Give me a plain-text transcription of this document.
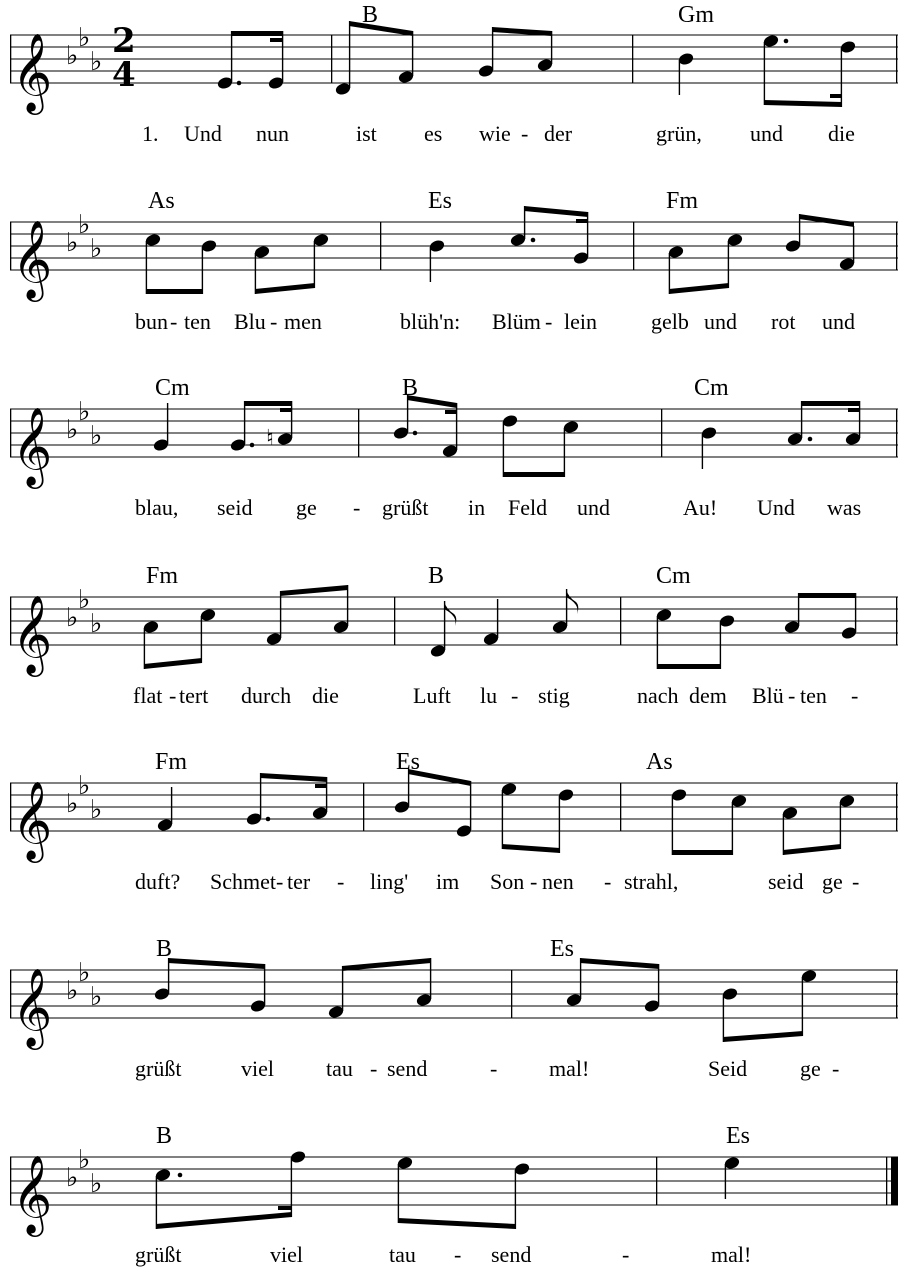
𝄞 ♭
♭
♭
𝄞 ♭
♭
♭
𝄞 ♭
♭
♭
𝄞 ♭
♭
♭
𝄞 ♭
♭
♭
𝄞 ♭
♭
♭
𝄞 ♭
♭
♭
♮
B	Gm
As	Es	Fm
Cm	B	Cm
Fm	B	Cm
Fm	Es	As
B	Es
B	Es
1. Und nun	ist es wie - der	grün, und die
bun - ten Blu - men	blüh'n: Blüm - lein gelb und rot und
blau, seid ge - grüßt in Feld und	Au! Und was
flat - tert durch die	Luft lu - stig	nach dem Blü - ten -
duft? Schmet - ter - ling' im Son - nen - strahl,	seid ge -
grüßt	viel tau - send	- mal!	Seid ge -
grüßt	viel	tau - send	-	mal!
2
4
